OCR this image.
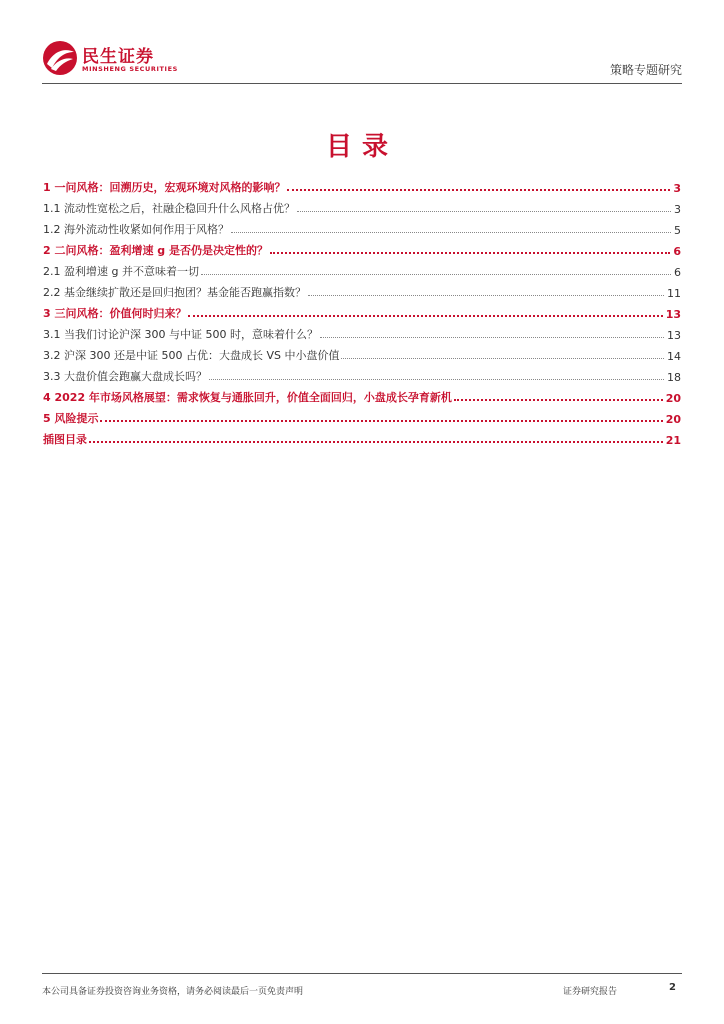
民生证券
MINSHENG SECURITIES	策略专题研究
目录
1 一问风格：回溯历史，宏观环境对风格的影响？	3
1.1 流动性宽松之后，社融企稳回升什么风格占优？	3
1.2 海外流动性收紧如何作用于风格？	5
2 二问风格：盈利增速 g 是否仍是决定性的？	6
2.1 盈利增速 g 并不意味着一切	6
2.2 基金继续扩散还是回归抱团？基金能否跑赢指数？	11
3 三问风格：价值何时归来？	13
3.1 当我们讨论沪深 300 与中证 500 时，意味着什么？	13
3.2 沪深 300 还是中证 500 占优：大盘成长 VS 中小盘价值	14
3.3 大盘价值会跑赢大盘成长吗？	18
4 2022 年市场风格展望：需求恢复与通胀回升，价值全面回归，小盘成长孕育新机	20
5 风险提示	20
插图目录	21
本公司具备证券投资咨询业务资格，请务必阅读最后一页免责声明	证券研究报告	2
